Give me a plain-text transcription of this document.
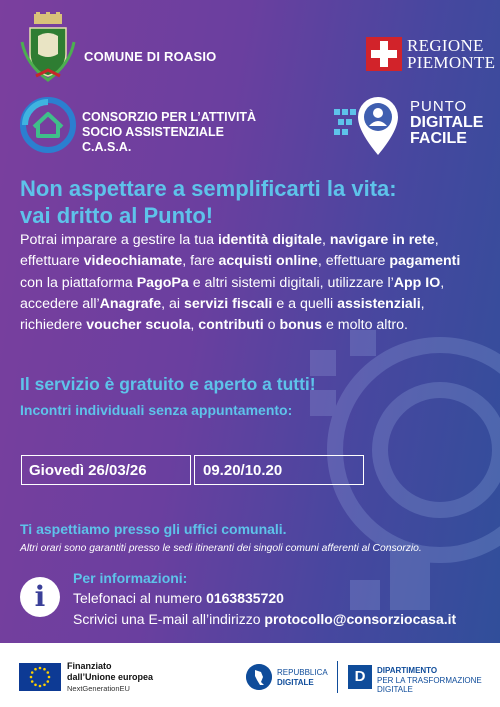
COMUNE DI ROASIO
REGIONE
PIEMONTE
CONSORZIO PER L’ATTIVITÀ
SOCIO ASSISTENZIALE
C.A.S.A.
PUNTO
DIGITALE
FACILE
Non aspettare a semplificarti la vita:
vai dritto al Punto!
Potrai imparare a gestire la tua identità digitale, navigare in rete, effettuare videochiamate, fare acquisti online, effettuare pagamenti con la piattaforma PagoPa e altri sistemi digitali, utilizzare l’App IO, accedere all’Anagrafe, ai servizi fiscali e a quelli assistenziali, richiedere voucher scuola, contributi o bonus e molto altro.
Il servizio è gratuito e aperto a tutti!
Incontri individuali senza appuntamento:
Giovedì 26/03/26	09.20/10.20
Ti aspettiamo presso gli uffici comunali.
Altri orari sono garantiti presso le sedi itineranti dei singoli comuni afferenti al Consorzio.
i
Per informazioni:
Telefonaci al numero 0163835720
Scrivici una E-mail all’indirizzo protocollo@consorziocasa.it
Finanziato
dall’Unione europea
NextGenerationEU
REPUBBLICA
DIGITALE	D	DIPARTIMENTO
PER LA TRASFORMAZIONE
DIGITALE
